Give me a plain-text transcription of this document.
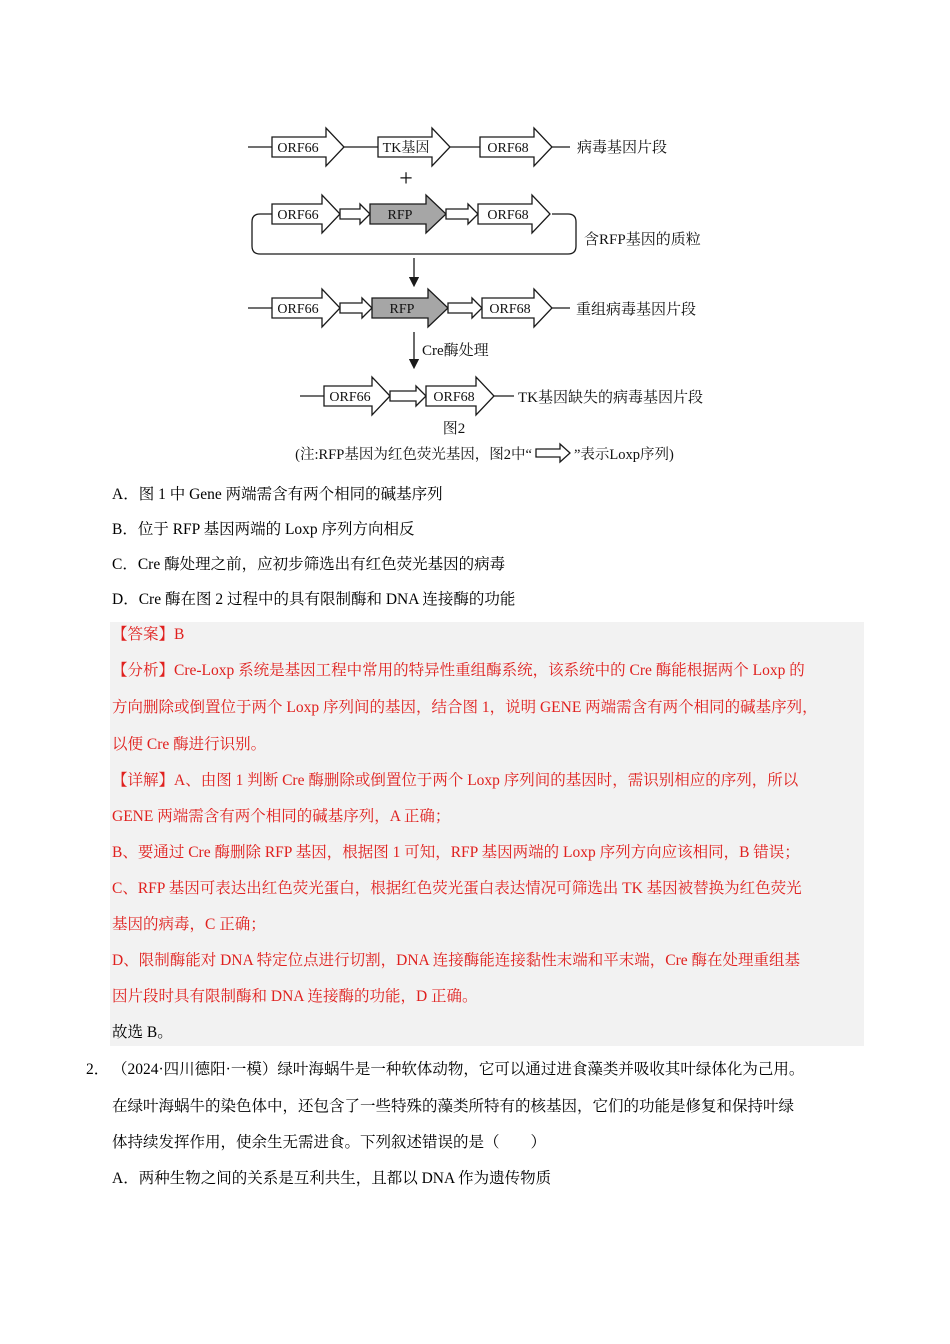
ORF66	TK基因	ORF68	病毒基因片段
+
ORF66	RFP	ORF68
含RFP基因的质粒
ORF66	RFP	ORF68	重组病毒基因片段
Cre酶处理
ORF66	ORF68	TK基因缺失的病毒基因片段
图2
(注:RFP基因为红色荧光基因，图2中“	”表示Loxp序列)
A．图 1 中 Gene 两端需含有两个相同的碱基序列
B．位于 RFP 基因两端的 Loxp 序列方向相反
C．Cre 酶处理之前，应初步筛选出有红色荧光基因的病毒
D．Cre 酶在图 2 过程中的具有限制酶和 DNA 连接酶的功能
【答案】B
【分析】Cre-Loxp 系统是基因工程中常用的特异性重组酶系统，该系统中的 Cre 酶能根据两个 Loxp 的
方向删除或倒置位于两个 Loxp 序列间的基因，结合图 1，说明 GENE 两端需含有两个相同的碱基序列，
以便 Cre 酶进行识别。
【详解】A、由图 1 判断 Cre 酶删除或倒置位于两个 Loxp 序列间的基因时，需识别相应的序列，所以
GENE 两端需含有两个相同的碱基序列，A 正确；
B、要通过 Cre 酶删除 RFP 基因，根据图 1 可知，RFP 基因两端的 Loxp 序列方向应该相同，B 错误；
C、RFP 基因可表达出红色荧光蛋白，根据红色荧光蛋白表达情况可筛选出 TK 基因被替换为红色荧光
基因的病毒，C 正确；
D、限制酶能对 DNA 特定位点进行切割，DNA 连接酶能连接黏性末端和平末端，Cre 酶在处理重组基
因片段时具有限制酶和 DNA 连接酶的功能，D 正确。
故选 B。
2． （2024·四川德阳·一模）绿叶海蜗牛是一种软体动物，它可以通过进食藻类并吸收其叶绿体化为己用。
在绿叶海蜗牛的染色体中，还包含了一些特殊的藻类所特有的核基因，它们的功能是修复和保持叶绿
体持续发挥作用，使余生无需进食。下列叙述错误的是（　　）
A．两种生物之间的关系是互利共生，且都以 DNA 作为遗传物质
